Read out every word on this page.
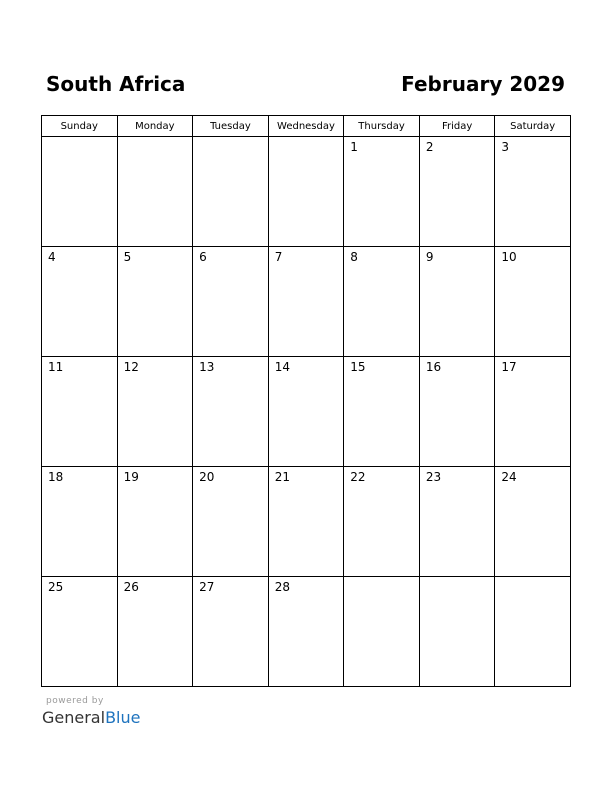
South Africa	February 2029
Sunday	Monday	Tuesday	Wednesday	Thursday	Friday	Saturday

				1	2	3

4	5	6	7	8	9	10

11	12	13	14	15	16	17

18	19	20	21	22	23	24

25	26	27	28			

powered by
GeneralBlue
